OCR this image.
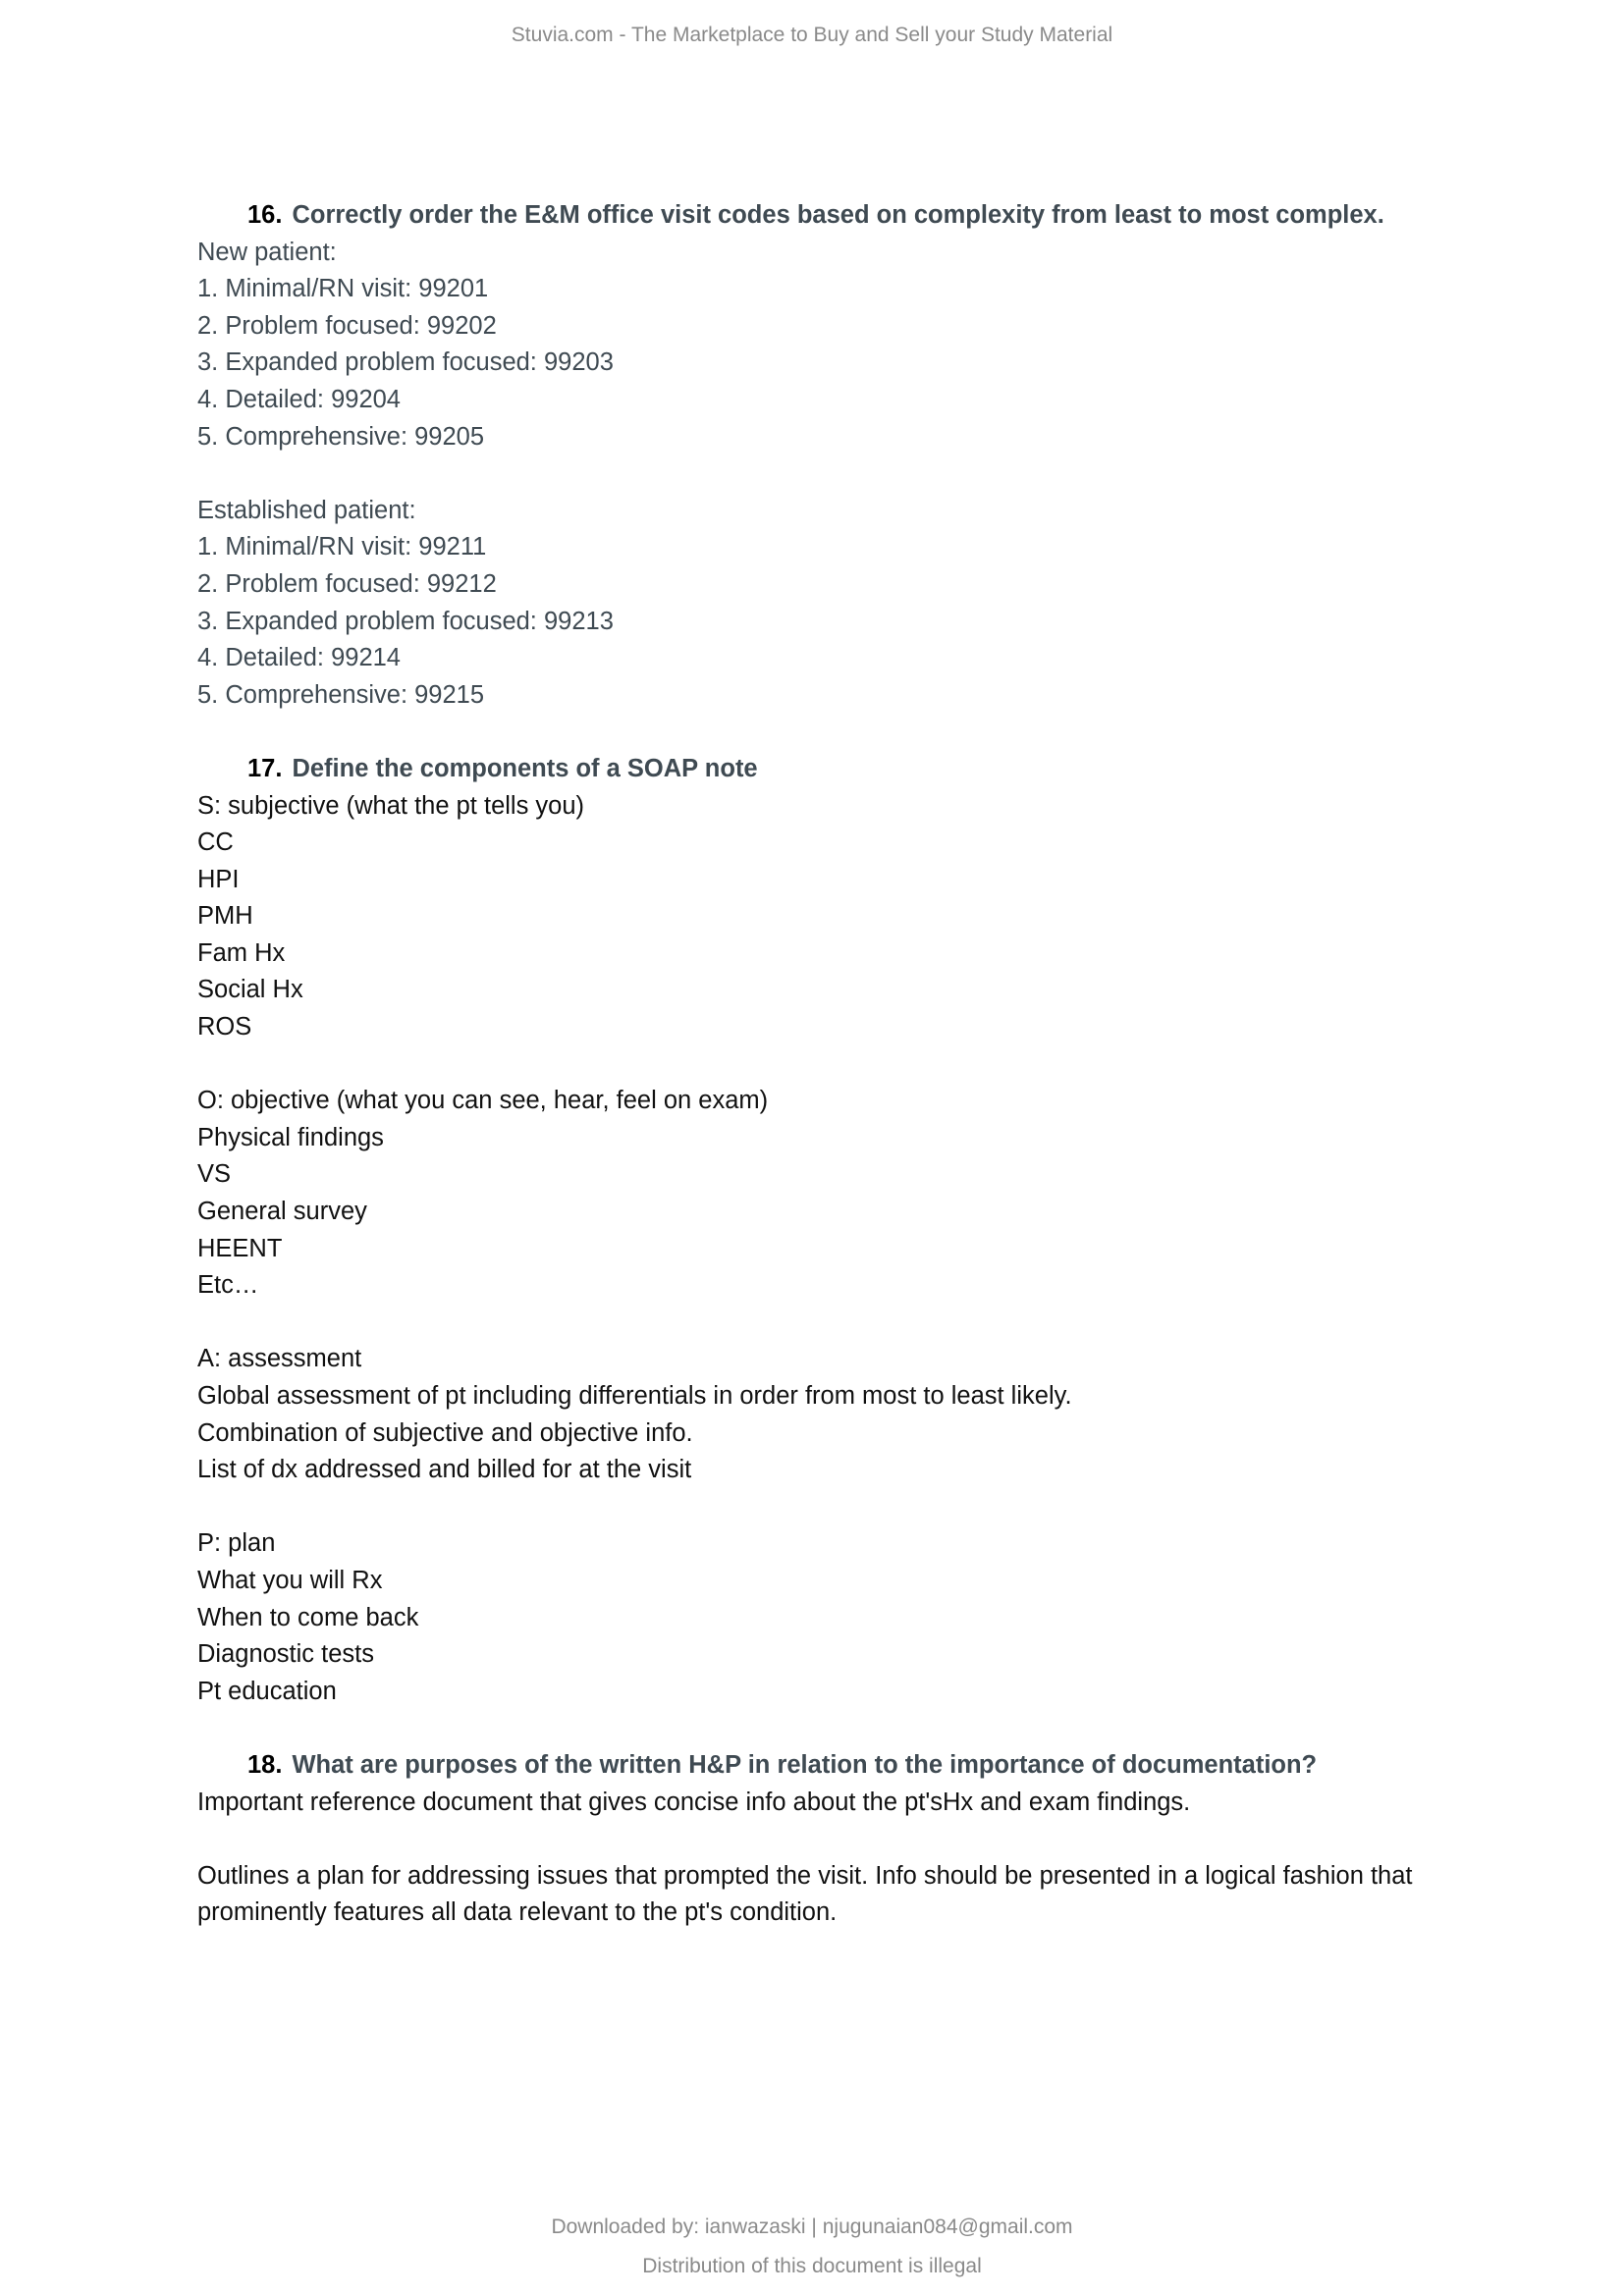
Stuvia.com - The Marketplace to Buy and Sell your Study Material
16. Correctly order the E&M office visit codes based on complexity from least to most complex.
New patient:
1. Minimal/RN visit: 99201
2. Problem focused: 99202
3. Expanded problem focused: 99203
4. Detailed: 99204
5. Comprehensive: 99205
Established patient:
1. Minimal/RN visit: 99211
2. Problem focused: 99212
3. Expanded problem focused: 99213
4. Detailed: 99214
5. Comprehensive: 99215
17. Define the components of a SOAP note
S: subjective (what the pt tells you)
CC
HPI
PMH
Fam Hx
Social Hx
ROS
O: objective (what you can see, hear, feel on exam)
Physical findings
VS
General survey
HEENT
Etc…
A: assessment
Global assessment of pt including differentials in order from most to least likely.
Combination of subjective and objective info.
List of dx addressed and billed for at the visit
P: plan
What you will Rx
When to come back
Diagnostic tests
Pt education
18. What are purposes of the written H&P in relation to the importance of documentation?
Important reference document that gives concise info about the pt'sHx and exam findings.
Outlines a plan for addressing issues that prompted the visit. Info should be presented in a logical fashion that prominently features all data relevant to the pt's condition.
Downloaded by: ianwazaski | njugunaian084@gmail.com
Distribution of this document is illegal
